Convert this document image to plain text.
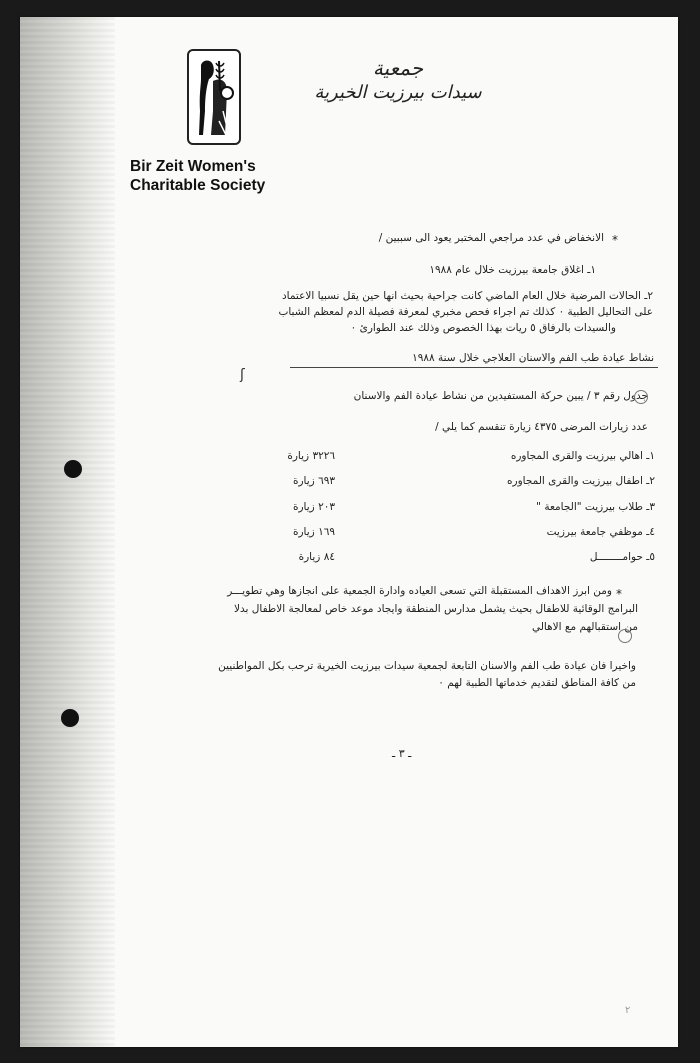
جمعية
سيدات بيرزيت الخيرية
Bir Zeit Women's
Charitable Society
*
الانخفاض في عدد مراجعي المختبر يعود الى سببين /
١ـ اغلاق جامعة بيرزيت خلال عام ١٩٨٨
٢ـ الحالات المرضية خلال العام الماضي كانت جراحية بحيث انها حين يقل نسبيا الاعتماد
على التحاليل الطبية ٠ كذلك تم اجراء فحص مخبري لمعرفة فصيلة الدم لمعظم الشباب
والسيدات بالرفاق ٥ ريات بهذا الخصوص وذلك عند الطوارئ ٠
نشاط عيادة طب الفم والاسنان العلاجي خلال سنة ١٩٨٨
ʃ
جدول رقم ٣ / يبين حركة المستفيدين من نشاط عيادة الفم والاسنان
عدد زيارات المرضى ٤٣٧٥ زيارة تنقسم كما يلي /
١ـ اهالي بيرزيت والقرى المجاوره
٣٢٢٦ زيارة
٢ـ اطفال بيرزيت والقرى المجاوره
٦٩٣ زيارة
٣ـ طلاب بيرزيت "الجامعة "
٢٠٣ زيارة
٤ـ موظفي جامعة بيرزيت
١٦٩ زيارة
٥ـ حوامــــــــل
٨٤ زيارة
*
ومن ابرز الاهداف المستقبلة التي تسعى العياده وادارة الجمعية على انجازها وهي تطويـــر
البرامج الوقائية للاطفال بحيث يشمل مدارس المنطقة وايجاد موعد خاص لمعالجة الاطفال بدلا
من استقبالهم مع الاهالي
واخيرا فان عيادة طب الفم والاسنان التابعة لجمعية سيدات بيرزيت الخيرية ترحب بكل المواطنيين
من كافة المناطق لتقديم خدماتها الطبية لهم ٠
ـ ٣ ـ
٢
